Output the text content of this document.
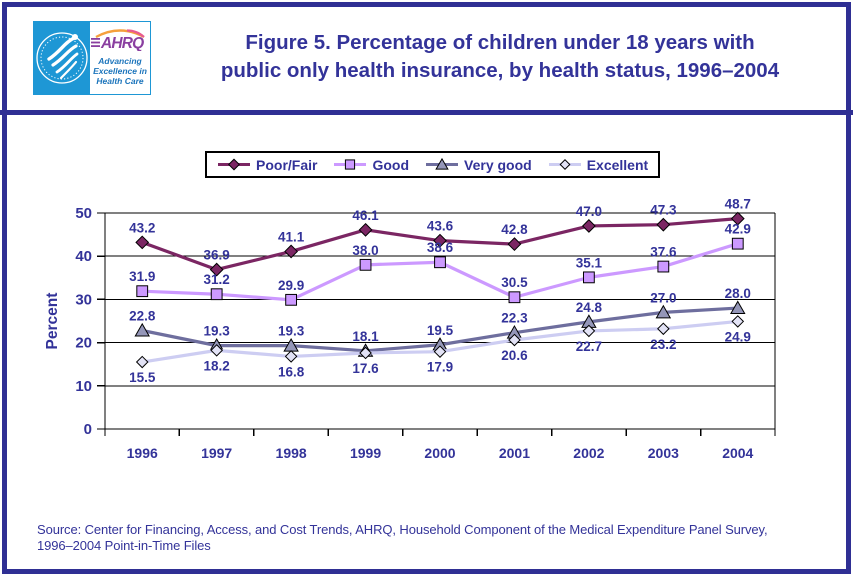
AHRQ
Advancing
Excellence in
Health Care
Figure 5. Percentage of children under 18 years with
public only health insurance, by health status, 1996–2004
Poor/Fair	Good	Very good	Excellent
0
10
20
30
40
50
Percent
1996	1997	1998	1999	2000	2001	2002	2003	2004
43.2
36.9
41.1
46.1
43.6	42.8
47.0	47.3	48.7
31.9	31.2	29.9
38.0	38.6
30.5
35.1
37.6
42.9
22.8
19.3	19.3	18.1	19.5
22.3
24.8
27.0	28.0
15.5
18.2	16.8	17.6	17.9
20.6
22.7	23.2	24.9
Source: Center for Financing, Access, and Cost Trends, AHRQ, Household Component of the Medical Expenditure Panel Survey,
1996–2004 Point-in-Time Files
